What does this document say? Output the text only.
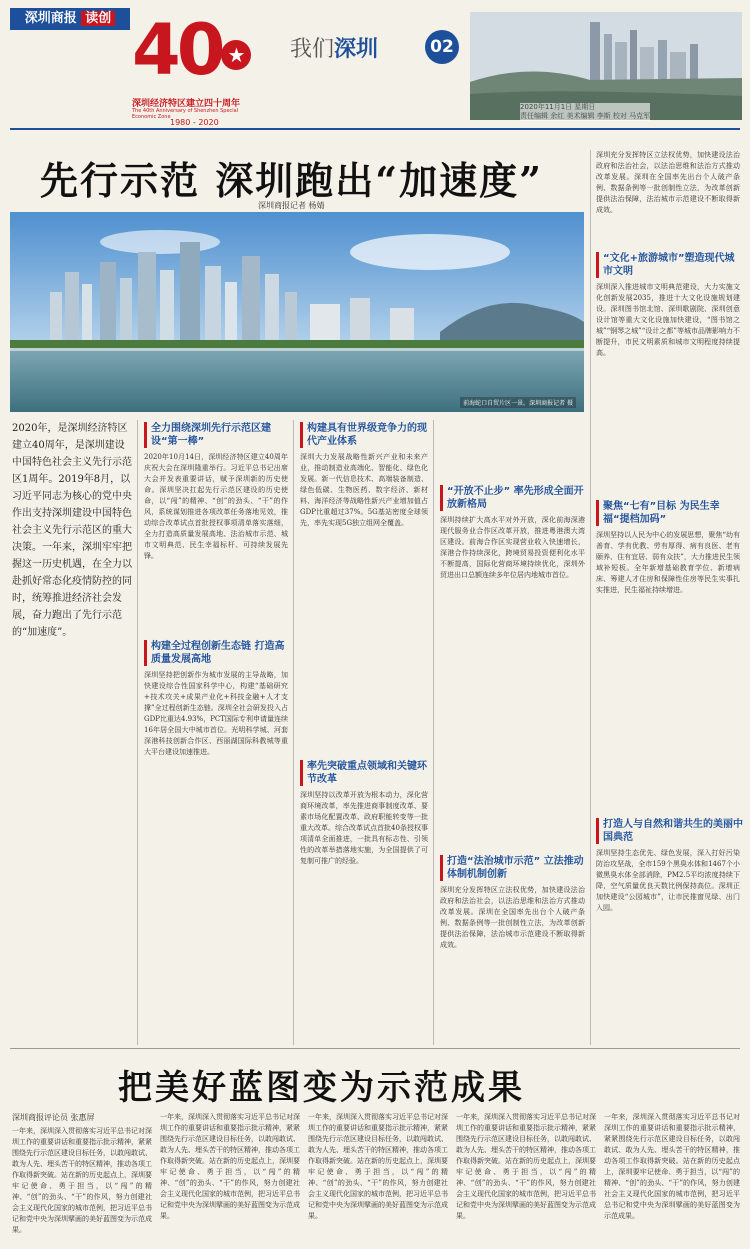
深圳商报 读创 40 ★
深圳经济特区建立四十周年
The 40th Anniversary of Shenzhen Special Economic Zone
1980 - 2020
我们深圳	02
2020年11月1日 星期日
责任编辑 余红 美术编辑 李斯 校对 马克军
先行示范 深圳跑出“加速度”
深圳商报记者 杨婧
前海蛇口自贸片区一景。深圳商报记者 摄
2020年，是深圳经济特区建立40周年，是深圳建设中国特色社会主义先行示范区1周年。2019年8月，以习近平同志为核心的党中央作出支持深圳建设中国特色社会主义先行示范区的重大决策。一年来，深圳牢牢把握这一历史机遇，在全力以赴抓好常态化疫情防控的同时，统筹推进经济社会发展，奋力跑出了先行示范的“加速度”。
全力围绕深圳先行示范区建设“第一棒”
2020年10月14日，深圳经济特区建立40周年庆祝大会在深圳隆重举行。习近平总书记出席大会并发表重要讲话，赋予深圳新的历史使命。深圳坚决扛起先行示范区建设的历史使命，以“闯”的精神、“创”的劲头、“干”的作风，系统谋划推进各项改革任务落地见效，推动综合改革试点首批授权事项清单落实落细，全力打造高质量发展高地、法治城市示范、城市文明典范、民生幸福标杆、可持续发展先锋。
构建全过程创新生态链 打造高质量发展高地
深圳坚持把创新作为城市发展的主导战略，加快建设综合性国家科学中心，构建“基础研究+技术攻关+成果产业化+科技金融+人才支撑”全过程创新生态链。深圳全社会研发投入占GDP比重达4.93%，PCT国际专利申请量连续16年居全国大中城市首位。光明科学城、河套深港科技创新合作区、西丽湖国际科教城等重大平台建设加速推进。
构建具有世界级竞争力的现代产业体系
深圳大力发展战略性新兴产业和未来产业，推动制造业高端化、智能化、绿色化发展。新一代信息技术、高端装备制造、绿色低碳、生物医药、数字经济、新材料、海洋经济等战略性新兴产业增加值占GDP比重超过37%。5G基站密度全球领先，率先实现5G独立组网全覆盖。
率先突破重点领域和关键环节改革
深圳坚持以改革开放为根本动力，深化营商环境改革，率先推进商事制度改革、要素市场化配置改革、政府职能转变等一批重大改革。综合改革试点首批40条授权事项清单全面推进，一批具有标志性、引领性的改革举措落地实施，为全国提供了可复制可推广的经验。
“开放不止步” 率先形成全面开放新格局
深圳持续扩大高水平对外开放，深化前海深港现代服务业合作区改革开放，推进粤港澳大湾区建设。前海合作区实现营业收入快速增长，深港合作持续深化，跨境贸易投资便利化水平不断提高，国际化营商环境持续优化，深圳外贸进出口总额连续多年位居内地城市首位。
打造“法治城市示范” 立法推动体制机制创新
深圳充分发挥特区立法权优势，加快建设法治政府和法治社会，以法治思维和法治方式推动改革发展。深圳在全国率先出台个人破产条例、数据条例等一批创制性立法，为改革创新提供法治保障，法治城市示范建设不断取得新成效。
深圳充分发挥特区立法权优势，加快建设法治政府和法治社会，以法治思维和法治方式推动改革发展。深圳在全国率先出台个人破产条例、数据条例等一批创制性立法，为改革创新提供法治保障，法治城市示范建设不断取得新成效。
“文化+旅游城市”塑造现代城市文明
深圳深入推进城市文明典范建设，大力实施文化创新发展2035，推进十大文化设施规划建设。深圳图书馆北馆、深圳歌剧院、深圳创意设计馆等重大文化设施加快建设，“图书馆之城”“钢琴之城”“设计之都”等城市品牌影响力不断提升，市民文明素质和城市文明程度持续提高。
聚焦“七有”目标 为民生幸福“提档加码”
深圳坚持以人民为中心的发展思想，聚焦“幼有善育、学有优教、劳有厚得、病有良医、老有颐养、住有宜居、弱有众扶”，大力推进民生领域补短板。全年新增基础教育学位、新增病床、筹建人才住房和保障性住房等民生实事扎实推进，民生福祉持续增进。
打造人与自然和谐共生的美丽中国典范
深圳坚持生态优先、绿色发展，深入打好污染防治攻坚战，全市159个黑臭水体和1467个小微黑臭水体全部消除，PM2.5平均浓度持续下降，空气质量优良天数比例保持高位。深圳正加快建设“公园城市”，让市民推窗见绿、出门入园。
把美好蓝图变为示范成果
深圳商报评论员 张惠屏
一年来，深圳深入贯彻落实习近平总书记对深圳工作的重要讲话和重要指示批示精神，紧紧围绕先行示范区建设目标任务，以敢闯敢试、敢为人先、埋头苦干的特区精神，推动各项工作取得新突破。站在新的历史起点上，深圳要牢记使命、勇于担当，以“闯”的精神、“创”的劲头、“干”的作风，努力创建社会主义现代化国家的城市范例，把习近平总书记和党中央为深圳擘画的美好蓝图变为示范成果。
一年来，深圳深入贯彻落实习近平总书记对深圳工作的重要讲话和重要指示批示精神，紧紧围绕先行示范区建设目标任务，以敢闯敢试、敢为人先、埋头苦干的特区精神，推动各项工作取得新突破。站在新的历史起点上，深圳要牢记使命、勇于担当，以“闯”的精神、“创”的劲头、“干”的作风，努力创建社会主义现代化国家的城市范例，把习近平总书记和党中央为深圳擘画的美好蓝图变为示范成果。
一年来，深圳深入贯彻落实习近平总书记对深圳工作的重要讲话和重要指示批示精神，紧紧围绕先行示范区建设目标任务，以敢闯敢试、敢为人先、埋头苦干的特区精神，推动各项工作取得新突破。站在新的历史起点上，深圳要牢记使命、勇于担当，以“闯”的精神、“创”的劲头、“干”的作风，努力创建社会主义现代化国家的城市范例，把习近平总书记和党中央为深圳擘画的美好蓝图变为示范成果。
一年来，深圳深入贯彻落实习近平总书记对深圳工作的重要讲话和重要指示批示精神，紧紧围绕先行示范区建设目标任务，以敢闯敢试、敢为人先、埋头苦干的特区精神，推动各项工作取得新突破。站在新的历史起点上，深圳要牢记使命、勇于担当，以“闯”的精神、“创”的劲头、“干”的作风，努力创建社会主义现代化国家的城市范例，把习近平总书记和党中央为深圳擘画的美好蓝图变为示范成果。
一年来，深圳深入贯彻落实习近平总书记对深圳工作的重要讲话和重要指示批示精神，紧紧围绕先行示范区建设目标任务，以敢闯敢试、敢为人先、埋头苦干的特区精神，推动各项工作取得新突破。站在新的历史起点上，深圳要牢记使命、勇于担当，以“闯”的精神、“创”的劲头、“干”的作风，努力创建社会主义现代化国家的城市范例，把习近平总书记和党中央为深圳擘画的美好蓝图变为示范成果。
